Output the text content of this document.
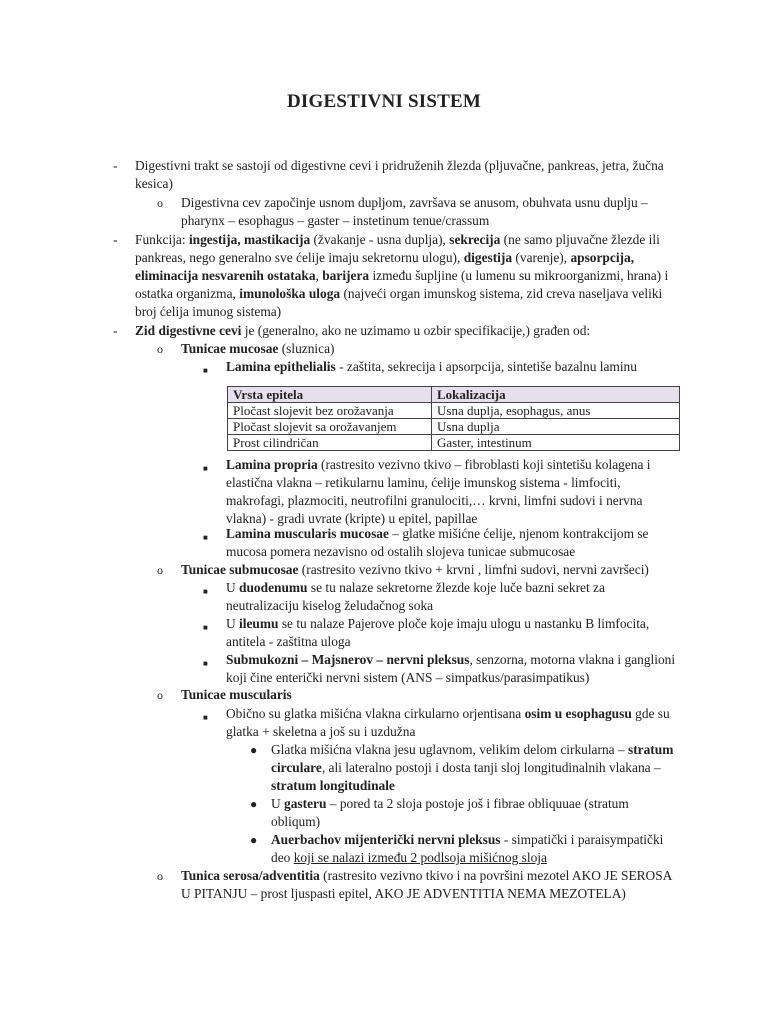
DIGESTIVNI SISTEM
- Digestivni trakt se sastoji od digestivne cevi i pridruženih žlezda (pljuvačne, pankreas, jetra, žučna kesica)
o Digestivna cev započinje usnom dupljom, završava se anusom, obuhvata usnu duplju – pharynx – esophagus – gaster – instetinum tenue/crassum
- Funkcija: ingestija, mastikacija (žvakanje - usna duplja), sekrecija (ne samo pljuvačne žlezde ili pankreas, nego generalno sve ćelije imaju sekretornu ulogu), digestija (varenje), apsorpcija, eliminacija nesvarenih ostataka, barijera između šupljine (u lumenu su mikroorganizmi, hrana) i ostatka organizma, imunološka uloga (najveći organ imunskog sistema, zid creva naseljava veliki broj ćelija imunog sistema)
- Zid digestivne cevi je (generalno, ako ne uzimamo u ozbir specifikacije,) građen od:
o Tunicae mucosae (sluznica)
■ Lamina epithelialis - zaštita, sekrecija i apsorpcija, sintetiše bazalnu laminu
Vrsta epitela	Lokalizacija
Pločast slojevit bez orožavanja	Usna duplja, esophagus, anus
Pločast slojevit sa orožavanjem	Usna duplja
Prost cilindričan	Gaster, intestinum
■ Lamina propria (rastresito vezivno tkivo – fibroblasti koji sintetišu kolagena i elastična vlakna – retikularnu laminu, ćelije imunskog sistema - limfociti, makrofagi, plazmociti, neutrofilni granulociti,… krvni, limfni sudovi i nervna vlakna) - gradi uvrate (kripte) u epitel, papillae
■ Lamina muscularis mucosae – glatke mišićne ćelije, njenom kontrakcijom se mucosa pomera nezavisno od ostalih slojeva tunicae submucosae
o Tunicae submucosae (rastresito vezivno tkivo + krvni , limfni sudovi, nervni završeci)
■ U duodenumu se tu nalaze sekretorne žlezde koje luče bazni sekret za neutralizaciju kiselog želudačnog soka
■ U ileumu se tu nalaze Pajerove ploče koje imaju ulogu u nastanku B limfocita, antitela - zaštitna uloga
■ Submukozni – Majsnerov – nervni pleksus, senzorna, motorna vlakna i ganglioni koji čine enterički nervni sistem (ANS – simpatkus/parasimpatikus)
o Tunicae muscularis
■ Obično su glatka mišićna vlakna cirkularno orjentisana osim u esophagusu gde su glatka + skeletna a još su i uzdužna
● Glatka mišićna vlakna jesu uglavnom, velikim delom cirkularna – stratum circulare, ali lateralno postoji i dosta tanji sloj longitudinalnih vlakana – stratum longitudinale
● U gasteru – pored ta 2 sloja postoje još i fibrae obliquuae (stratum obliqum)
● Auerbachov mijenterički nervni pleksus - simpatički i paraisympatički deo koji se nalazi između 2 podlsoja mišićnog sloja
o Tunica serosa/adventitia (rastresito vezivno tkivo i na površini mezotel AKO JE SEROSA U PITANJU – prost ljuspasti epitel, AKO JE ADVENTITIA NEMA MEZOTELA)
